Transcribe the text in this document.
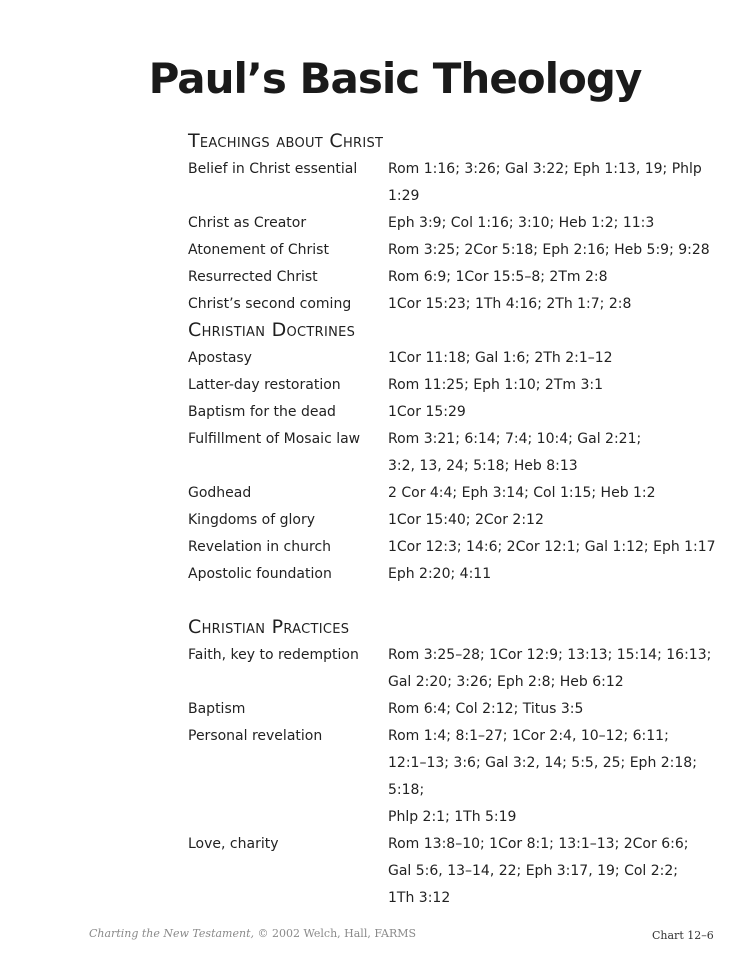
Paul’s Basic Theology
Teachings about Christ
Belief in Christ essential	Rom 1:16; 3:26; Gal 3:22; Eph 1:13, 19; Phlp 1:29
Christ as Creator	Eph 3:9; Col 1:16; 3:10; Heb 1:2; 11:3
Atonement of Christ	Rom 3:25; 2Cor 5:18; Eph 2:16; Heb 5:9; 9:28
Resurrected Christ	Rom 6:9; 1Cor 15:5–8; 2Tm 2:8
Christ’s second coming	1Cor 15:23; 1Th 4:16; 2Th 1:7; 2:8
Christian Doctrines
Apostasy	1Cor 11:18; Gal 1:6; 2Th 2:1–12
Latter-day restoration	Rom 11:25; Eph 1:10; 2Tm 3:1
Baptism for the dead	1Cor 15:29
Fulfillment of Mosaic law	Rom 3:21; 6:14; 7:4; 10:4; Gal 2:21;
3:2, 13, 24; 5:18; Heb 8:13
Godhead	2 Cor 4:4; Eph 3:14; Col 1:15; Heb 1:2
Kingdoms of glory	1Cor 15:40; 2Cor 2:12
Revelation in church	1Cor 12:3; 14:6; 2Cor 12:1; Gal 1:12; Eph 1:17
Apostolic foundation	Eph 2:20; 4:11
Christian Practices
Faith, key to redemption	Rom 3:25–28; 1Cor 12:9; 13:13; 15:14; 16:13;
Gal 2:20; 3:26; Eph 2:8; Heb 6:12
Baptism	Rom 6:4; Col 2:12; Titus 3:5
Personal revelation	Rom 1:4; 8:1–27; 1Cor 2:4, 10–12; 6:11;
12:1–13; 3:6; Gal 3:2, 14; 5:5, 25; Eph 2:18; 5:18;
Phlp 2:1; 1Th 5:19
Love, charity	Rom 13:8–10; 1Cor 8:1; 13:1–13; 2Cor 6:6;
Gal 5:6, 13–14, 22; Eph 3:17, 19; Col 2:2;
1Th 3:12
Charting the New Testament, © 2002 Welch, Hall, FARMS	Chart 12–6
